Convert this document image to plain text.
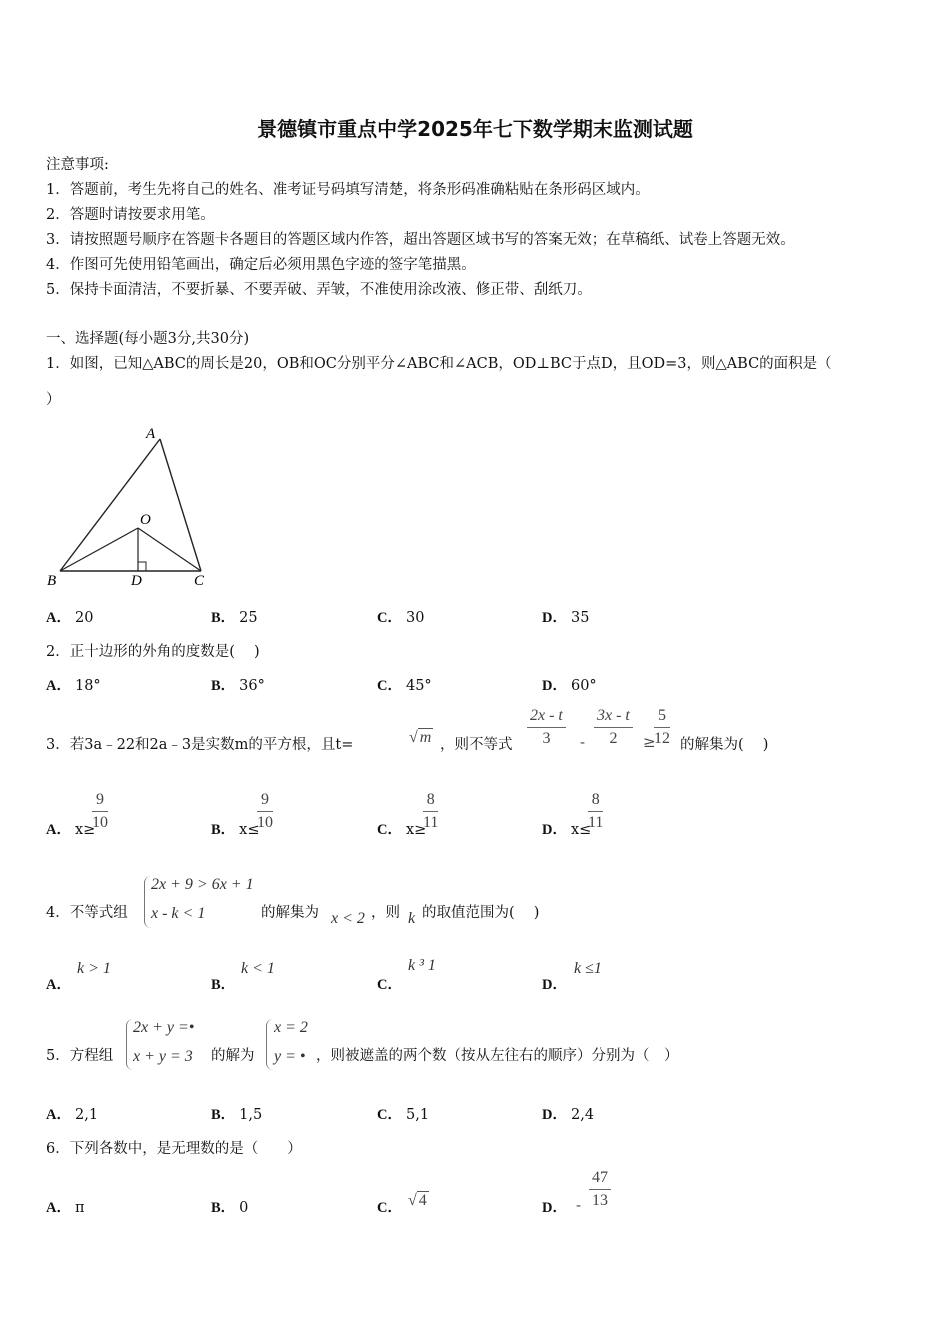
景德镇市重点中学2025年七下数学期末监测试题
注意事项:
1．答题前，考生先将自己的姓名、准考证号码填写清楚，将条形码准确粘贴在条形码区域内。
2．答题时请按要求用笔。
3．请按照题号顺序在答题卡各题目的答题区域内作答，超出答题区域书写的答案无效；在草稿纸、试卷上答题无效。
4．作图可先使用铅笔画出，确定后必须用黑色字迹的签字笔描黑。
5．保持卡面清洁，不要折暴、不要弄破、弄皱，不准使用涂改液、修正带、刮纸刀。
一、选择题(每小题3分,共30分)
1．如图，已知△ABC的周长是20，OB和OC分别平分∠ABC和∠ACB，OD⊥BC于点D，且OD=3，则△ABC的面积是（
）
A
B	D	C
O
A． 20	B． 25	C． 30	D． 35
2．正十边形的外角的度数是(　 )
A． 18°	B． 36°	C． 45°	D． 60°
3．若3a﹣22和2a﹣3是实数m的平方根，且t=	√ m ，则不等式 $\frac{2x - t}{3} - \frac{3x - t}{2}$ ≥
$\frac{5}{12}$ 的解集为(　 )
A． x≥
$\frac{9}{10}$	B． x≤
$\frac{9}{10}$	C． x≥
$\frac{8}{11}$	D． x≤
$\frac{8}{11}$
4．不等式组
2x + 9 > 6x + 1
x - k < 1	的解集为 x < 2 ，则 k 的取值范围为(　 )
A．
k > 1
B．
k < 1
C．
k ³ 1
D．
k ≤1
5．方程组
2x + y =•
x + y = 3 的解为
x = 2
y = • ，则被遮盖的两个数（按从左往右的顺序）分别为（　）
A． 2,1	B． 1,5	C． 5,1	D． 2,4
6．下列各数中，是无理数的是（　　）
A． π	B． 0	C． √ 4	D． - $\frac{47}{13}$
